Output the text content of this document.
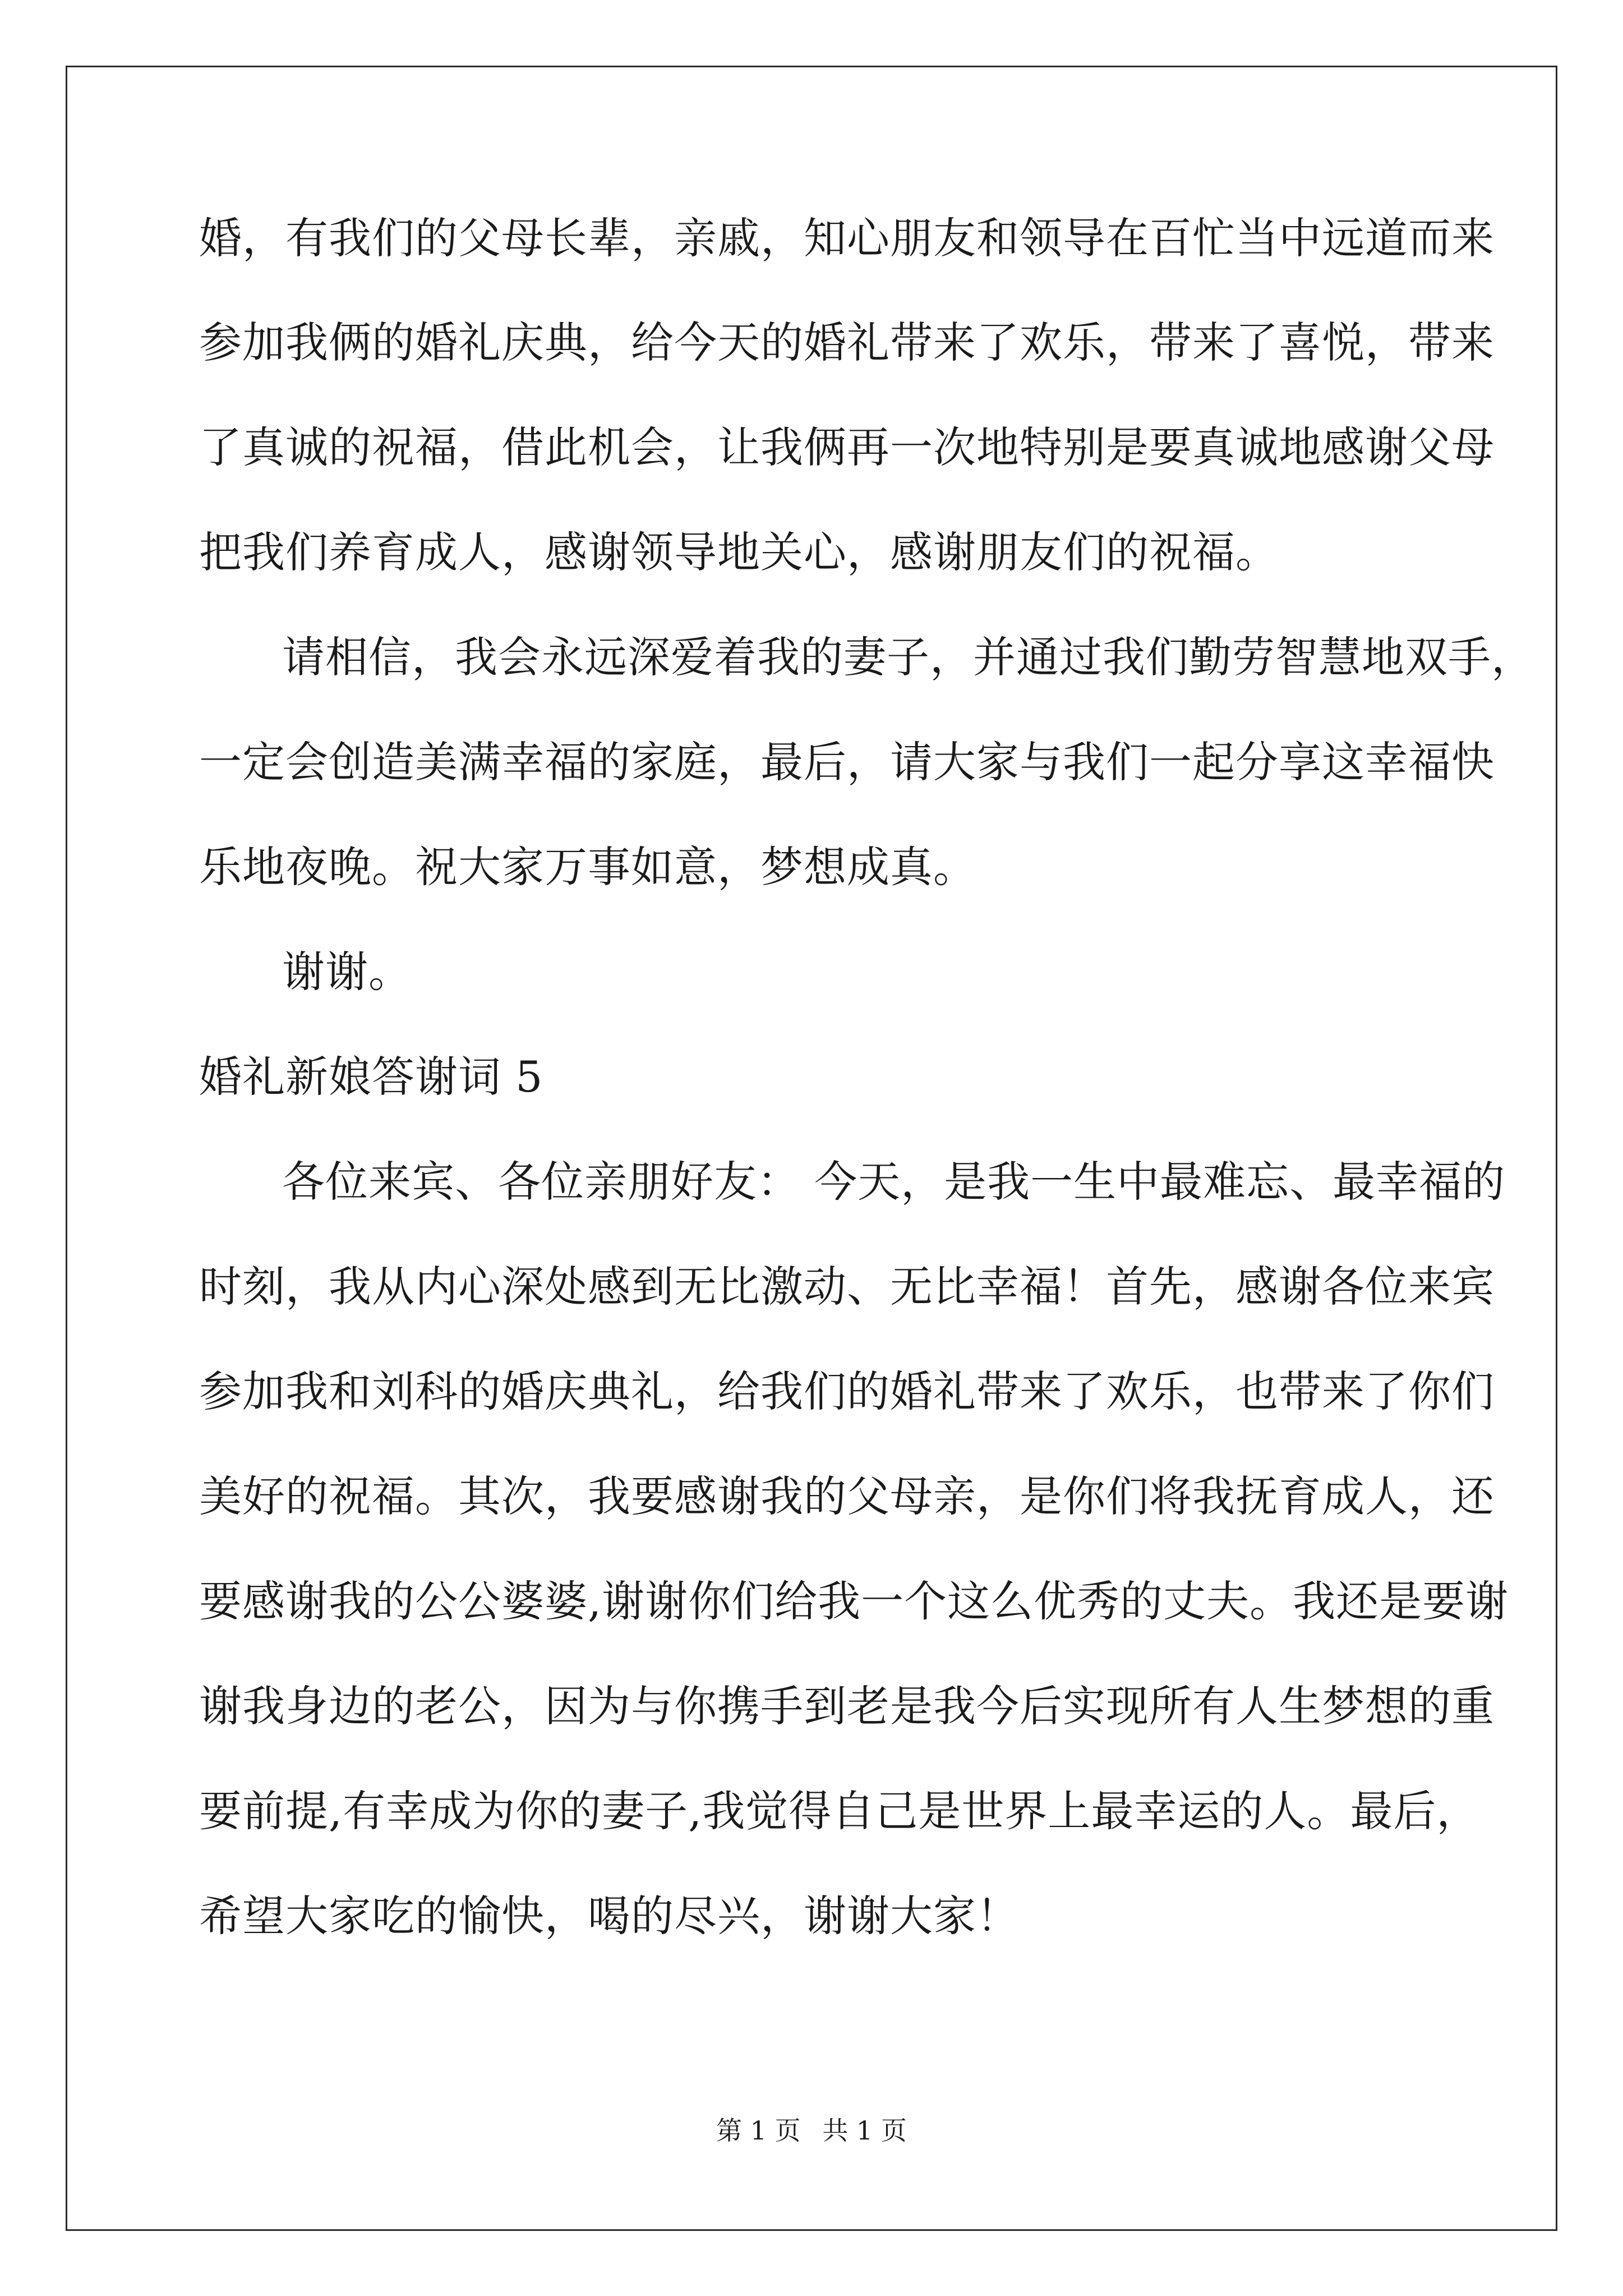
婚，有我们的父母长辈，亲戚，知心朋友和领导在百忙当中远道而来
参加我俩的婚礼庆典，给今天的婚礼带来了欢乐，带来了喜悦，带来
了真诚的祝福，借此机会，让我俩再一次地特别是要真诚地感谢父母
把我们养育成人，感谢领导地关心，感谢朋友们的祝福。
请相信，我会永远深爱着我的妻子，并通过我们勤劳智慧地双手，
一定会创造美满幸福的家庭，最后，请大家与我们一起分享这幸福快
乐地夜晚。祝大家万事如意，梦想成真。
谢谢。
婚礼新娘答谢词 5
各位来宾、各位亲朋好友： 今天，是我一生中最难忘、最幸福的
时刻，我从内心深处感到无比激动、无比幸福！首先，感谢各位来宾
参加我和刘科的婚庆典礼，给我们的婚礼带来了欢乐，也带来了你们
美好的祝福。其次，我要感谢我的父母亲，是你们将我抚育成人，还
要感谢我的公公婆婆,谢谢你们给我一个这么优秀的丈夫。我还是要谢
谢我身边的老公，因为与你携手到老是我今后实现所有人生梦想的重
要前提,有幸成为你的妻子,我觉得自己是世界上最幸运的人。最后，
希望大家吃的愉快，喝的尽兴，谢谢大家！
第 1 页 共 1 页
